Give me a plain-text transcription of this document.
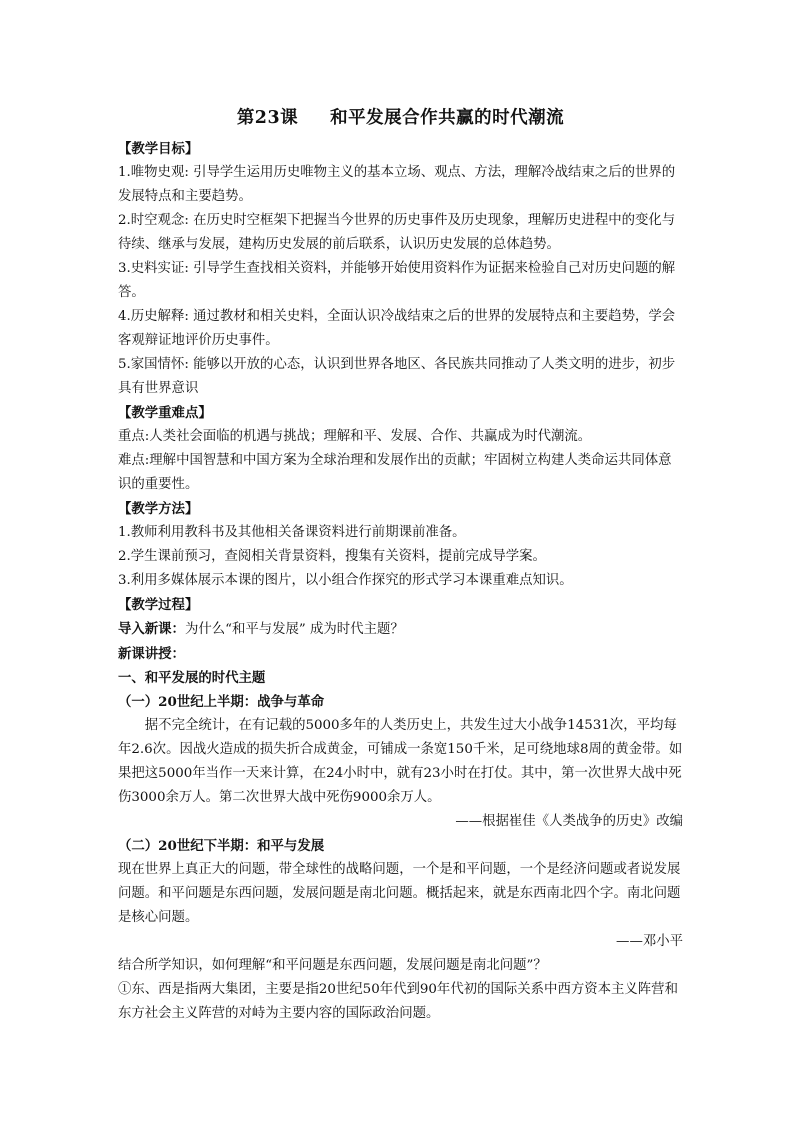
第23课 和平发展合作共赢的时代潮流

【教学目标】

1.唯物史观: 引导学生运用历史唯物主义的基本立场、观点、方法，理解冷战结束之后的世界的发展特点和主要趋势。

2.时空观念: 在历史时空框架下把握当今世界的历史事件及历史现象，理解历史进程中的变化与待续、继承与发展，建构历史发展的前后联系，认识历史发展的总体趋势。

3.史料实证: 引导学生查找相关资料，并能够开始使用资料作为证据来检验自己对历史问题的解答。

4.历史解释: 通过教材和相关史料，全面认识冷战结束之后的世界的发展特点和主要趋势，学会客观辩证地评价历史事件。

5.家国情怀: 能够以开放的心态，认识到世界各地区、各民族共同推动了人类文明的进步，初步具有世界意识

【教学重难点】

重点:人类社会面临的机遇与挑战；理解和平、发展、合作、共赢成为时代潮流。

难点:理解中国智慧和中国方案为全球治理和发展作出的贡献；牢固树立构建人类命运共同体意识的重要性。

【教学方法】

1.教师利用教科书及其他相关备课资料进行前期课前准备。

2.学生课前预习，查阅相关背景资料，搜集有关资料，提前完成导学案。

3.利用多媒体展示本课的图片，以小组合作探究的形式学习本课重难点知识。

【教学过程】

导入新课：为什么“和平与发展” 成为时代主题？

新课讲授：

一、和平发展的时代主题

（一）20世纪上半期：战争与革命

据不完全统计，在有记载的5000多年的人类历史上，共发生过大小战争14531次，平均每年2.6次。因战火造成的损失折合成黄金，可铺成一条宽150千米，足可绕地球8周的黄金带。如果把这5000年当作一天来计算，在24小时中，就有23小时在打仗。其中，第一次世界大战中死伤3000余万人。第二次世界大战中死伤9000余万人。

——根据崔佳《人类战争的历史》改编

（二）20世纪下半期：和平与发展

现在世界上真正大的问题，带全球性的战略问题，一个是和平问题，一个是经济问题或者说发展问题。和平问题是东西问题，发展问题是南北问题。概括起来，就是东西南北四个字。南北问题是核心问题。

——邓小平

结合所学知识，如何理解“和平问题是东西问题，发展问题是南北问题”？

①东、西是指两大集团，主要是指20世纪50年代到90年代初的国际关系中西方资本主义阵营和东方社会主义阵营的对峙为主要内容的国际政治问题。
